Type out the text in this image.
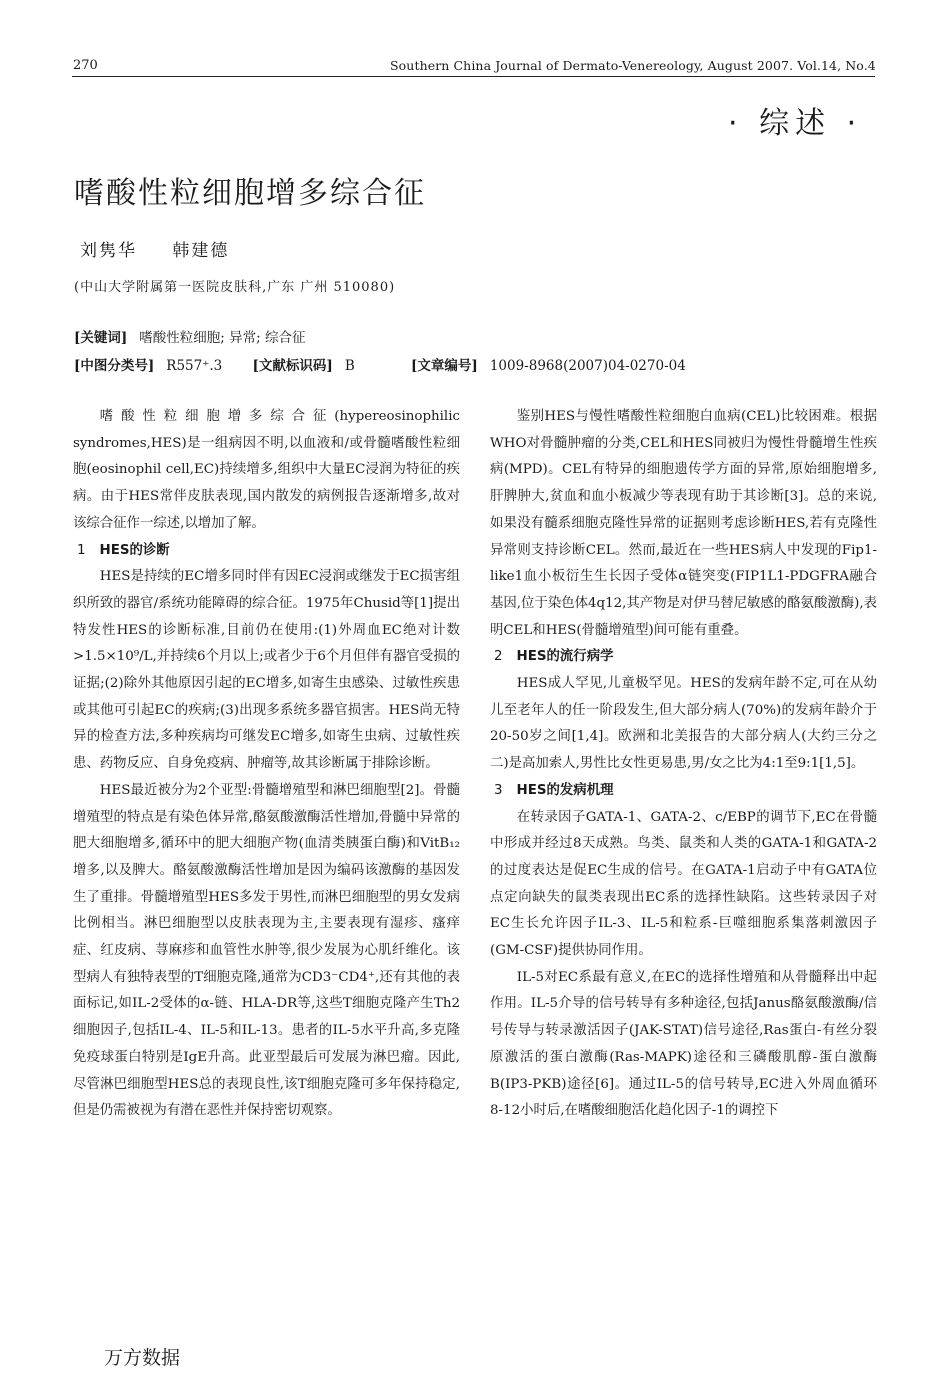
270	Southern China Journal of Dermato-Venereology, August 2007. Vol.14, No.4
· 综述 ·
嗜酸性粒细胞增多综合征
刘隽华 韩建德
(中山大学附属第一医院皮肤科,广东 广州 510080)
[关键词] 嗜酸性粒细胞; 异常; 综合征
[中图分类号] R557⁺.3 [文献标识码] B	[文章编号] 1009-8968(2007)04-0270-04

嗜酸性粒细胞增多综合征(hypereosinophilic syndromes,HES)是一组病因不明,以血液和/或骨髓嗜酸性粒细胞(eosinophil cell,EC)持续增多,组织中大量EC浸润为特征的疾病。由于HES常伴皮肤表现,国内散发的病例报告逐渐增多,故对该综合征作一综述,以增加了解。

1 HES的诊断

HES是持续的EC增多同时伴有因EC浸润或继发于EC损害组织所致的器官/系统功能障碍的综合征。1975年Chusid等[1]提出特发性HES的诊断标准,目前仍在使用:(1)外周血EC绝对计数>1.5×10⁹/L,并持续6个月以上;或者少于6个月但伴有器官受损的证据;(2)除外其他原因引起的EC增多,如寄生虫感染、过敏性疾患或其他可引起EC的疾病;(3)出现多系统多器官损害。HES尚无特异的检查方法,多种疾病均可继发EC增多,如寄生虫病、过敏性疾患、药物反应、自身免疫病、肿瘤等,故其诊断属于排除诊断。

HES最近被分为2个亚型:骨髓增殖型和淋巴细胞型[2]。骨髓增殖型的特点是有染色体异常,酪氨酸激酶活性增加,骨髓中异常的肥大细胞增多,循环中的肥大细胞产物(血清类胰蛋白酶)和VitB₁₂增多,以及脾大。酪氨酸激酶活性增加是因为编码该激酶的基因发生了重排。骨髓增殖型HES多发于男性,而淋巴细胞型的男女发病比例相当。淋巴细胞型以皮肤表现为主,主要表现有湿疹、瘙痒症、红皮病、荨麻疹和血管性水肿等,很少发展为心肌纤维化。该型病人有独特表型的T细胞克隆,通常为CD3⁻CD4⁺,还有其他的表面标记,如IL-2受体的α-链、HLA-DR等,这些T细胞克隆产生Th2细胞因子,包括IL-4、IL-5和IL-13。患者的IL-5水平升高,多克隆免疫球蛋白特别是IgE升高。此亚型最后可发展为淋巴瘤。因此,尽管淋巴细胞型HES总的表现良性,该T细胞克隆可多年保持稳定,但是仍需被视为有潜在恶性并保持密切观察。

鉴别HES与慢性嗜酸性粒细胞白血病(CEL)比较困难。根据WHO对骨髓肿瘤的分类,CEL和HES同被归为慢性骨髓增生性疾病(MPD)。CEL有特异的细胞遗传学方面的异常,原始细胞增多,肝脾肿大,贫血和血小板减少等表现有助于其诊断[3]。总的来说,如果没有髓系细胞克隆性异常的证据则考虑诊断HES,若有克隆性异常则支持诊断CEL。然而,最近在一些HES病人中发现的Fip1-like1血小板衍生生长因子受体α链突变(FIP1L1-PDGFRA融合基因,位于染色体4q12,其产物是对伊马替尼敏感的酪氨酸激酶),表明CEL和HES(骨髓增殖型)间可能有重叠。

2 HES的流行病学

HES成人罕见,儿童极罕见。HES的发病年龄不定,可在从幼儿至老年人的任一阶段发生,但大部分病人(70%)的发病年龄介于20-50岁之间[1,4]。欧洲和北美报告的大部分病人(大约三分之二)是高加索人,男性比女性更易患,男/女之比为4:1至9:1[1,5]。

3 HES的发病机理

在转录因子GATA-1、GATA-2、c/EBP的调节下,EC在骨髓中形成并经过8天成熟。鸟类、鼠类和人类的GATA-1和GATA-2的过度表达是促EC生成的信号。在GATA-1启动子中有GATA位点定向缺失的鼠类表现出EC系的选择性缺陷。这些转录因子对EC生长允许因子IL-3、IL-5和粒系-巨噬细胞系集落刺激因子(GM-CSF)提供协同作用。

IL-5对EC系最有意义,在EC的选择性增殖和从骨髓释出中起作用。IL-5介导的信号转导有多种途径,包括Janus酪氨酸激酶/信号传导与转录激活因子(JAK-STAT)信号途径,Ras蛋白-有丝分裂原激活的蛋白激酶(Ras-MAPK)途径和三磷酸肌醇-蛋白激酶B(IP3-PKB)途径[6]。通过IL-5的信号转导,EC进入外周血循环8-12小时后,在嗜酸细胞活化趋化因子-1的调控下

万方数据
